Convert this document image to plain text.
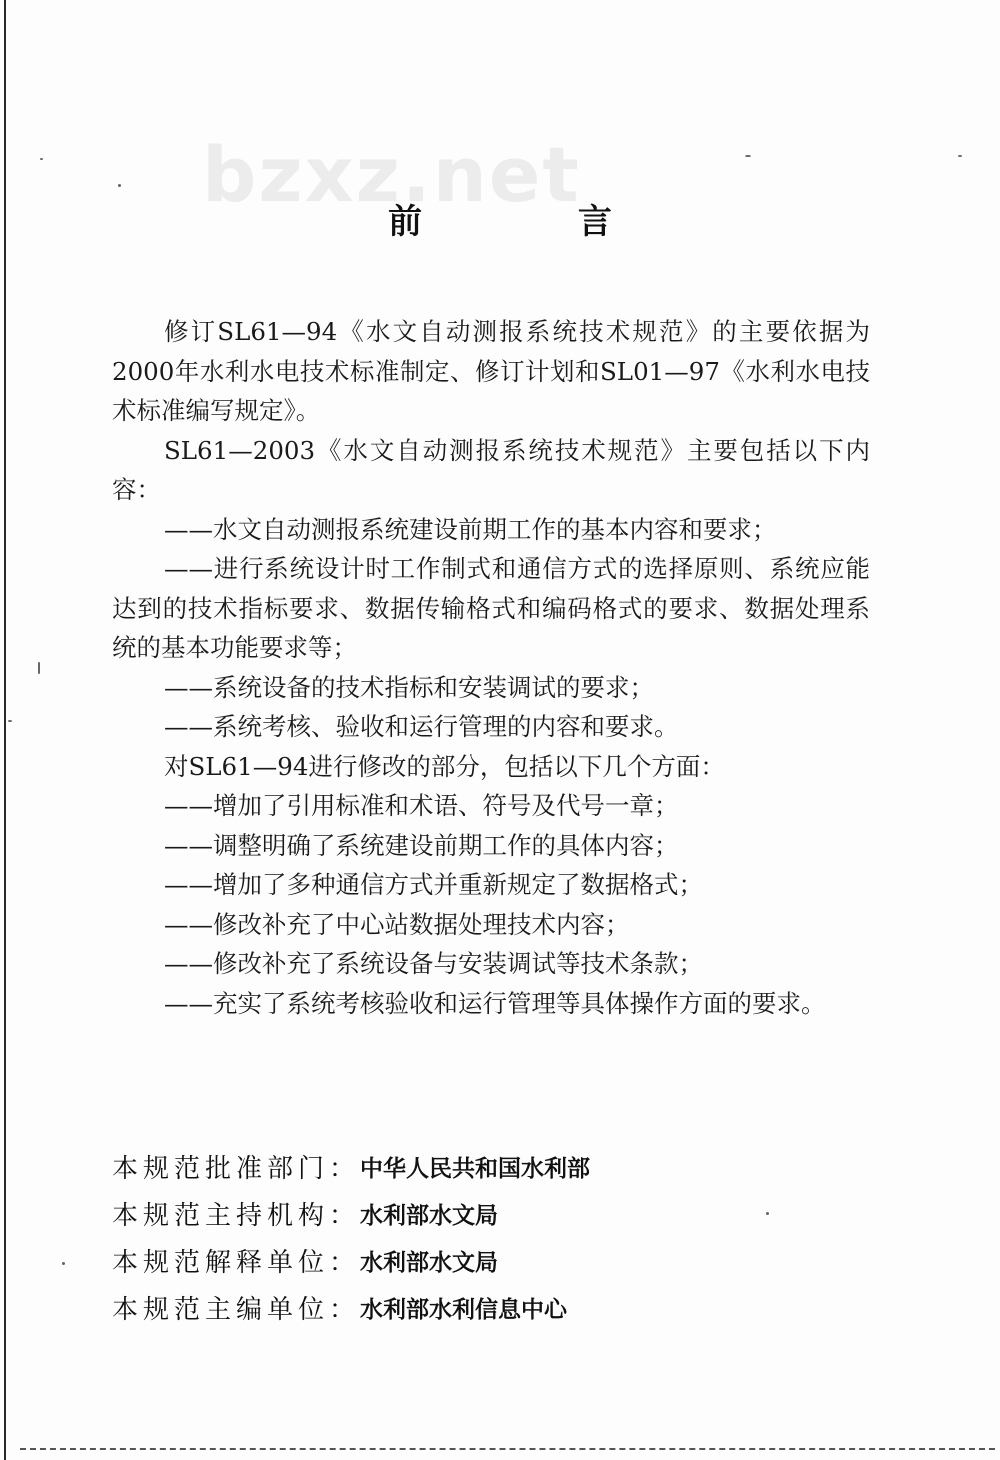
bzxz.net
前 言

修订SL61—94《水文自动测报系统技术规范》的主要依据为2000年水利水电技术标准制定、修订计划和SL01—97《水利水电技术标准编写规定》。

SL61—2003《水文自动测报系统技术规范》主要包括以下内容：

——水文自动测报系统建设前期工作的基本内容和要求；

——进行系统设计时工作制式和通信方式的选择原则、系统应能达到的技术指标要求、数据传输格式和编码格式的要求、数据处理系统的基本功能要求等；

——系统设备的技术指标和安装调试的要求；

——系统考核、验收和运行管理的内容和要求。

对SL61—94进行修改的部分，包括以下几个方面：

——增加了引用标准和术语、符号及代号一章；

——调整明确了系统建设前期工作的具体内容；

——增加了多种通信方式并重新规定了数据格式；

——修改补充了中心站数据处理技术内容；

——修改补充了系统设备与安装调试等技术条款；

——充实了系统考核验收和运行管理等具体操作方面的要求。

本规范批准部门： 中华人民共和国水利部
本规范主持机构： 水利部水文局
本规范解释单位： 水利部水文局
本规范主编单位： 水利部水利信息中心
